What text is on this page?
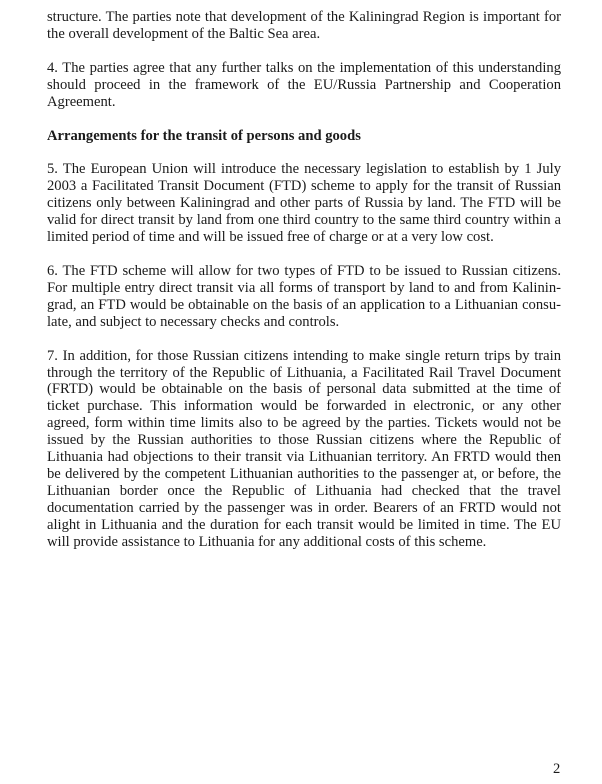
structure. The parties note that development of the Kaliningrad Region is important for the overall development of the Baltic Sea area.

4. The parties agree that any further talks on the implementation of this understanding should proceed in the framework of the EU/Russia Partnership and Cooperation Agreement.

Arrangements for the transit of persons and goods

5. The European Union will introduce the necessary legislation to establish by 1 July 2003 a Facilitated Transit Document (FTD) scheme to apply for the transit of Russian citizens only between Kaliningrad and other parts of Russia by land. The FTD will be valid for direct transit by land from one third country to the same third country within a limited period of time and will be issued free of charge or at a very low cost.

6. The FTD scheme will allow for two types of FTD to be issued to Russian citizens. For multiple entry direct transit via all forms of transport by land to and from Kaliningrad, an FTD would be obtainable on the basis of an application to a Lithuanian consulate, and subject to necessary checks and controls.

7. In addition, for those Russian citizens intending to make single return trips by train through the territory of the Republic of Lithuania, a Facilitated Rail Travel Document (FRTD) would be obtainable on the basis of personal data submitted at the time of ticket purchase. This information would be forwarded in electronic, or any other agreed, form within time limits also to be agreed by the parties. Tickets would not be issued by the Russian authorities to those Russian citizens where the Republic of Lithuania had objections to their transit via Lithuanian territory. An FRTD would then be delivered by the competent Lithuanian authorities to the passenger at, or before, the Lithuanian border once the Republic of Lithuania had checked that the travel documentation carried by the passenger was in order. Bearers of an FRTD would not alight in Lithuania and the duration for each transit would be limited in time. The EU will provide assistance to Lithuania for any additional costs of this scheme.

2
